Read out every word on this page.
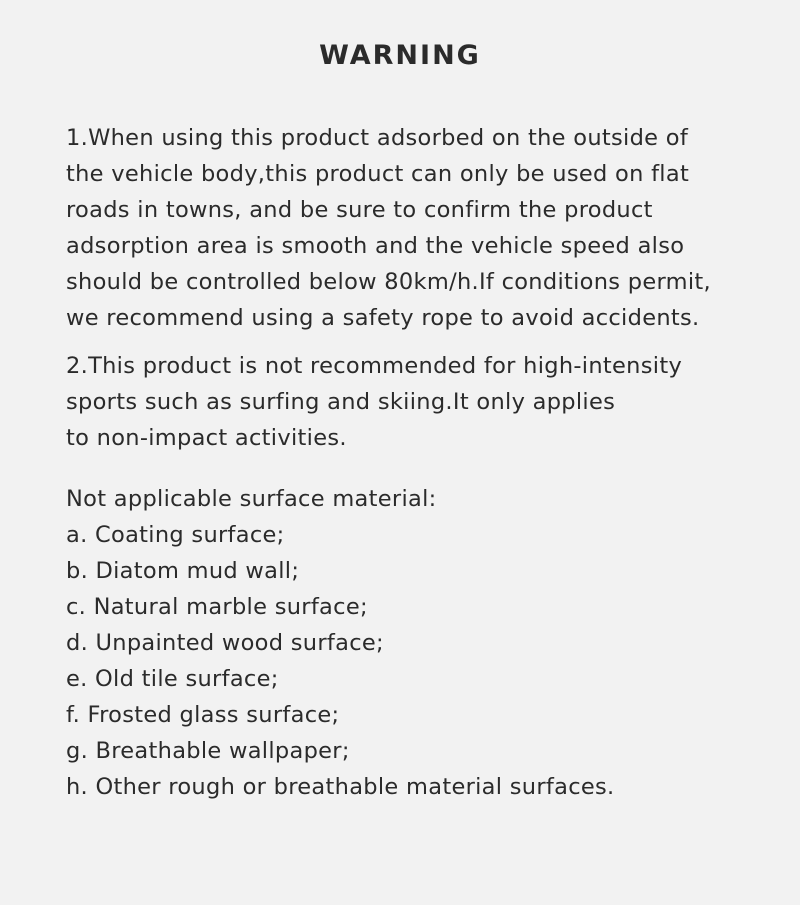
WARNING

1.When using this product adsorbed on the outside of
the vehicle body,this product can only be used on flat
roads in towns, and be sure to confirm the product
adsorption area is smooth and the vehicle speed also
should be controlled below 80km/h.If conditions permit,
we recommend using a safety rope to avoid accidents.

2.This product is not recommended for high-intensity
sports such as surfing and skiing.It only applies
to non-impact activities.

Not applicable surface material:
a. Coating surface;
b. Diatom mud wall;
c. Natural marble surface;
d. Unpainted wood surface;
e. Old tile surface;
f. Frosted glass surface;
g. Breathable wallpaper;
h. Other rough or breathable material surfaces.
